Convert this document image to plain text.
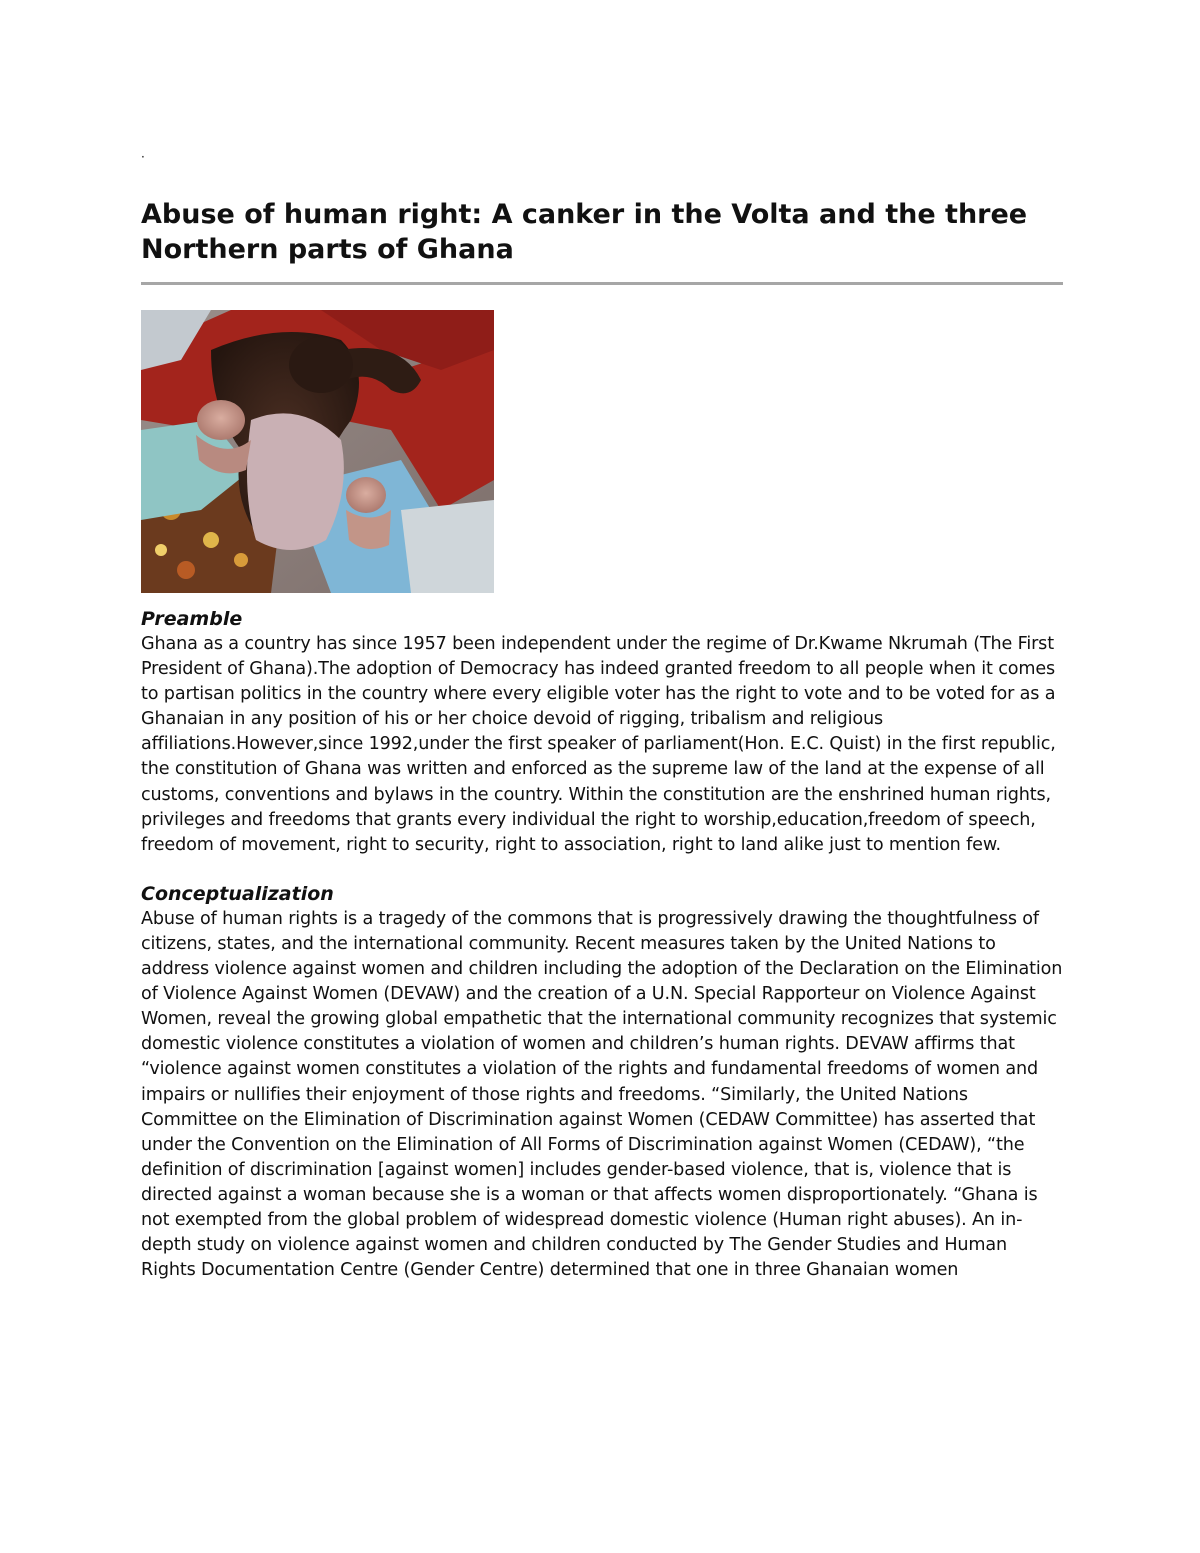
·
Abuse of human right: A canker in the Volta and the three Northern parts of Ghana

Preamble

Ghana as a country has since 1957 been independent under the regime of Dr.Kwame Nkrumah (The First President of Ghana).The adoption of Democracy has indeed granted freedom to all people when it comes to partisan politics in the country where every eligible voter has the right to vote and to be voted for as a Ghanaian in any position of his or her choice devoid of rigging, tribalism and religious affiliations.However,since 1992,under the first speaker of parliament(Hon. E.C. Quist) in the first republic, the constitution of Ghana was written and enforced as the supreme law of the land at the expense of all customs, conventions and bylaws in the country. Within the constitution are the enshrined human rights, privileges and freedoms that grants every individual the right to worship,education,freedom of speech, freedom of movement, right to security, right to association, right to land alike just to mention few.

Conceptualization

Abuse of human rights is a tragedy of the commons that is progressively drawing the thoughtfulness of citizens, states, and the international community. Recent measures taken by the United Nations to address violence against women and children including the adoption of the Declaration on the Elimination of Violence Against Women (DEVAW) and the creation of a U.N. Special Rapporteur on Violence Against Women, reveal the growing global empathetic that the international community recognizes that systemic domestic violence constitutes a violation of women and children’s human rights. DEVAW affirms that “violence against women constitutes a violation of the rights and fundamental freedoms of women and impairs or nullifies their enjoyment of those rights and freedoms. “Similarly, the United Nations Committee on the Elimination of Discrimination against Women (CEDAW Committee) has asserted that under the Convention on the Elimination of All Forms of Discrimination against Women (CEDAW), “the definition of discrimination [against women] includes gender-based violence, that is, violence that is directed against a woman because she is a woman or that affects women disproportionately. “Ghana is not exempted from the global problem of widespread domestic violence (Human right abuses). An in-depth study on violence against women and children conducted by The Gender Studies and Human Rights Documentation Centre (Gender Centre) determined that one in three Ghanaian women
